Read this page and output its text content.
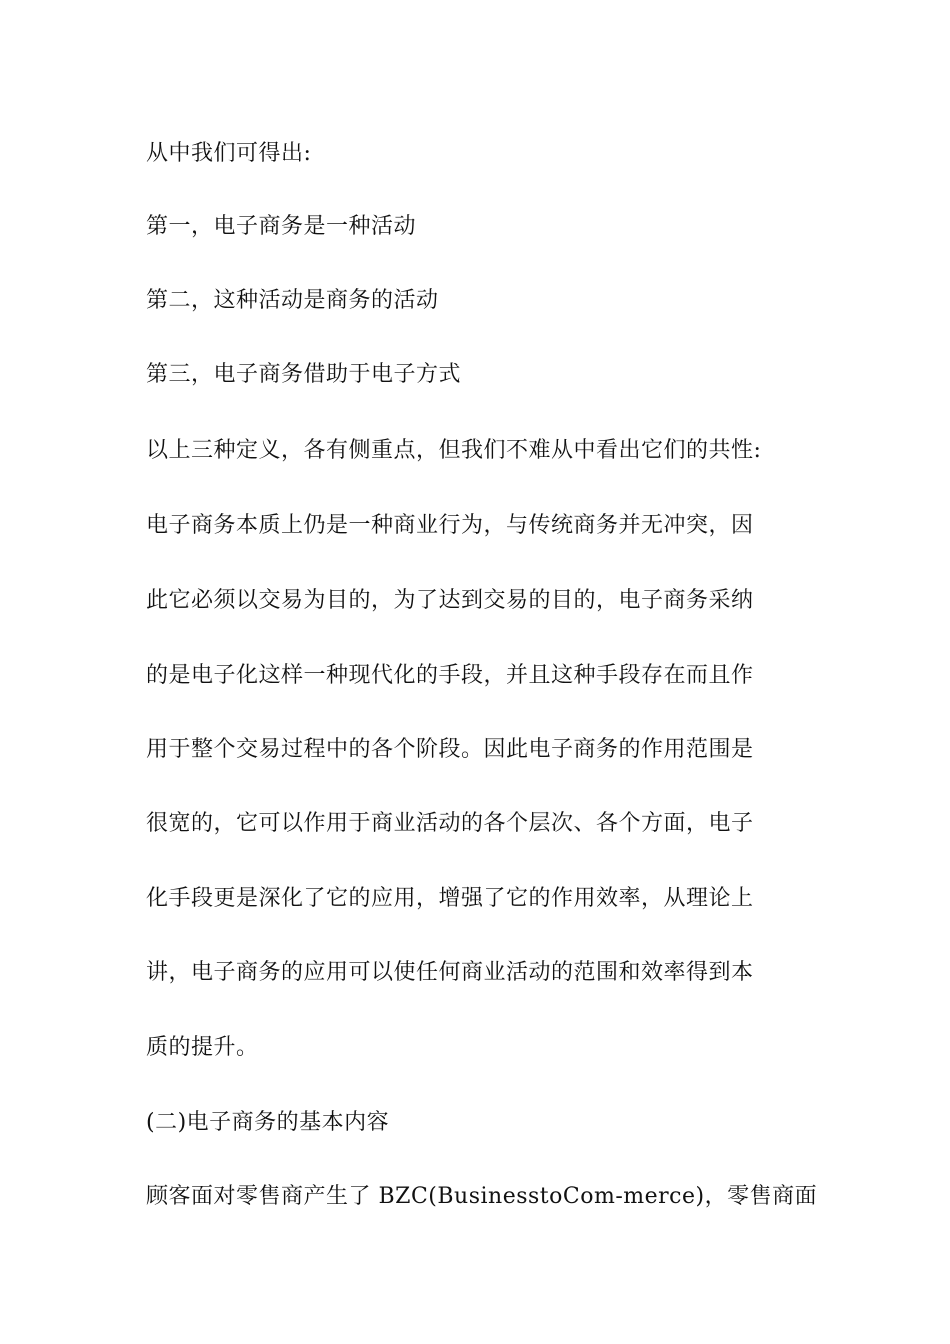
从中我们可得出:
第一，电子商务是一种活动
第二，这种活动是商务的活动
第三，电子商务借助于电子方式
以上三种定义，各有侧重点，但我们不难从中看出它们的共性:
电子商务本质上仍是一种商业行为，与传统商务并无冲突，因
此它必须以交易为目的，为了达到交易的目的，电子商务采纳
的是电子化这样一种现代化的手段，并且这种手段存在而且作
用于整个交易过程中的各个阶段。因此电子商务的作用范围是
很宽的，它可以作用于商业活动的各个层次、各个方面，电子
化手段更是深化了它的应用，增强了它的作用效率，从理论上
讲，电子商务的应用可以使任何商业活动的范围和效率得到本
质的提升。
(二)电子商务的基本内容
顾客面对零售商产生了 BZC(BusinesstoCom-merce)，零售商面
